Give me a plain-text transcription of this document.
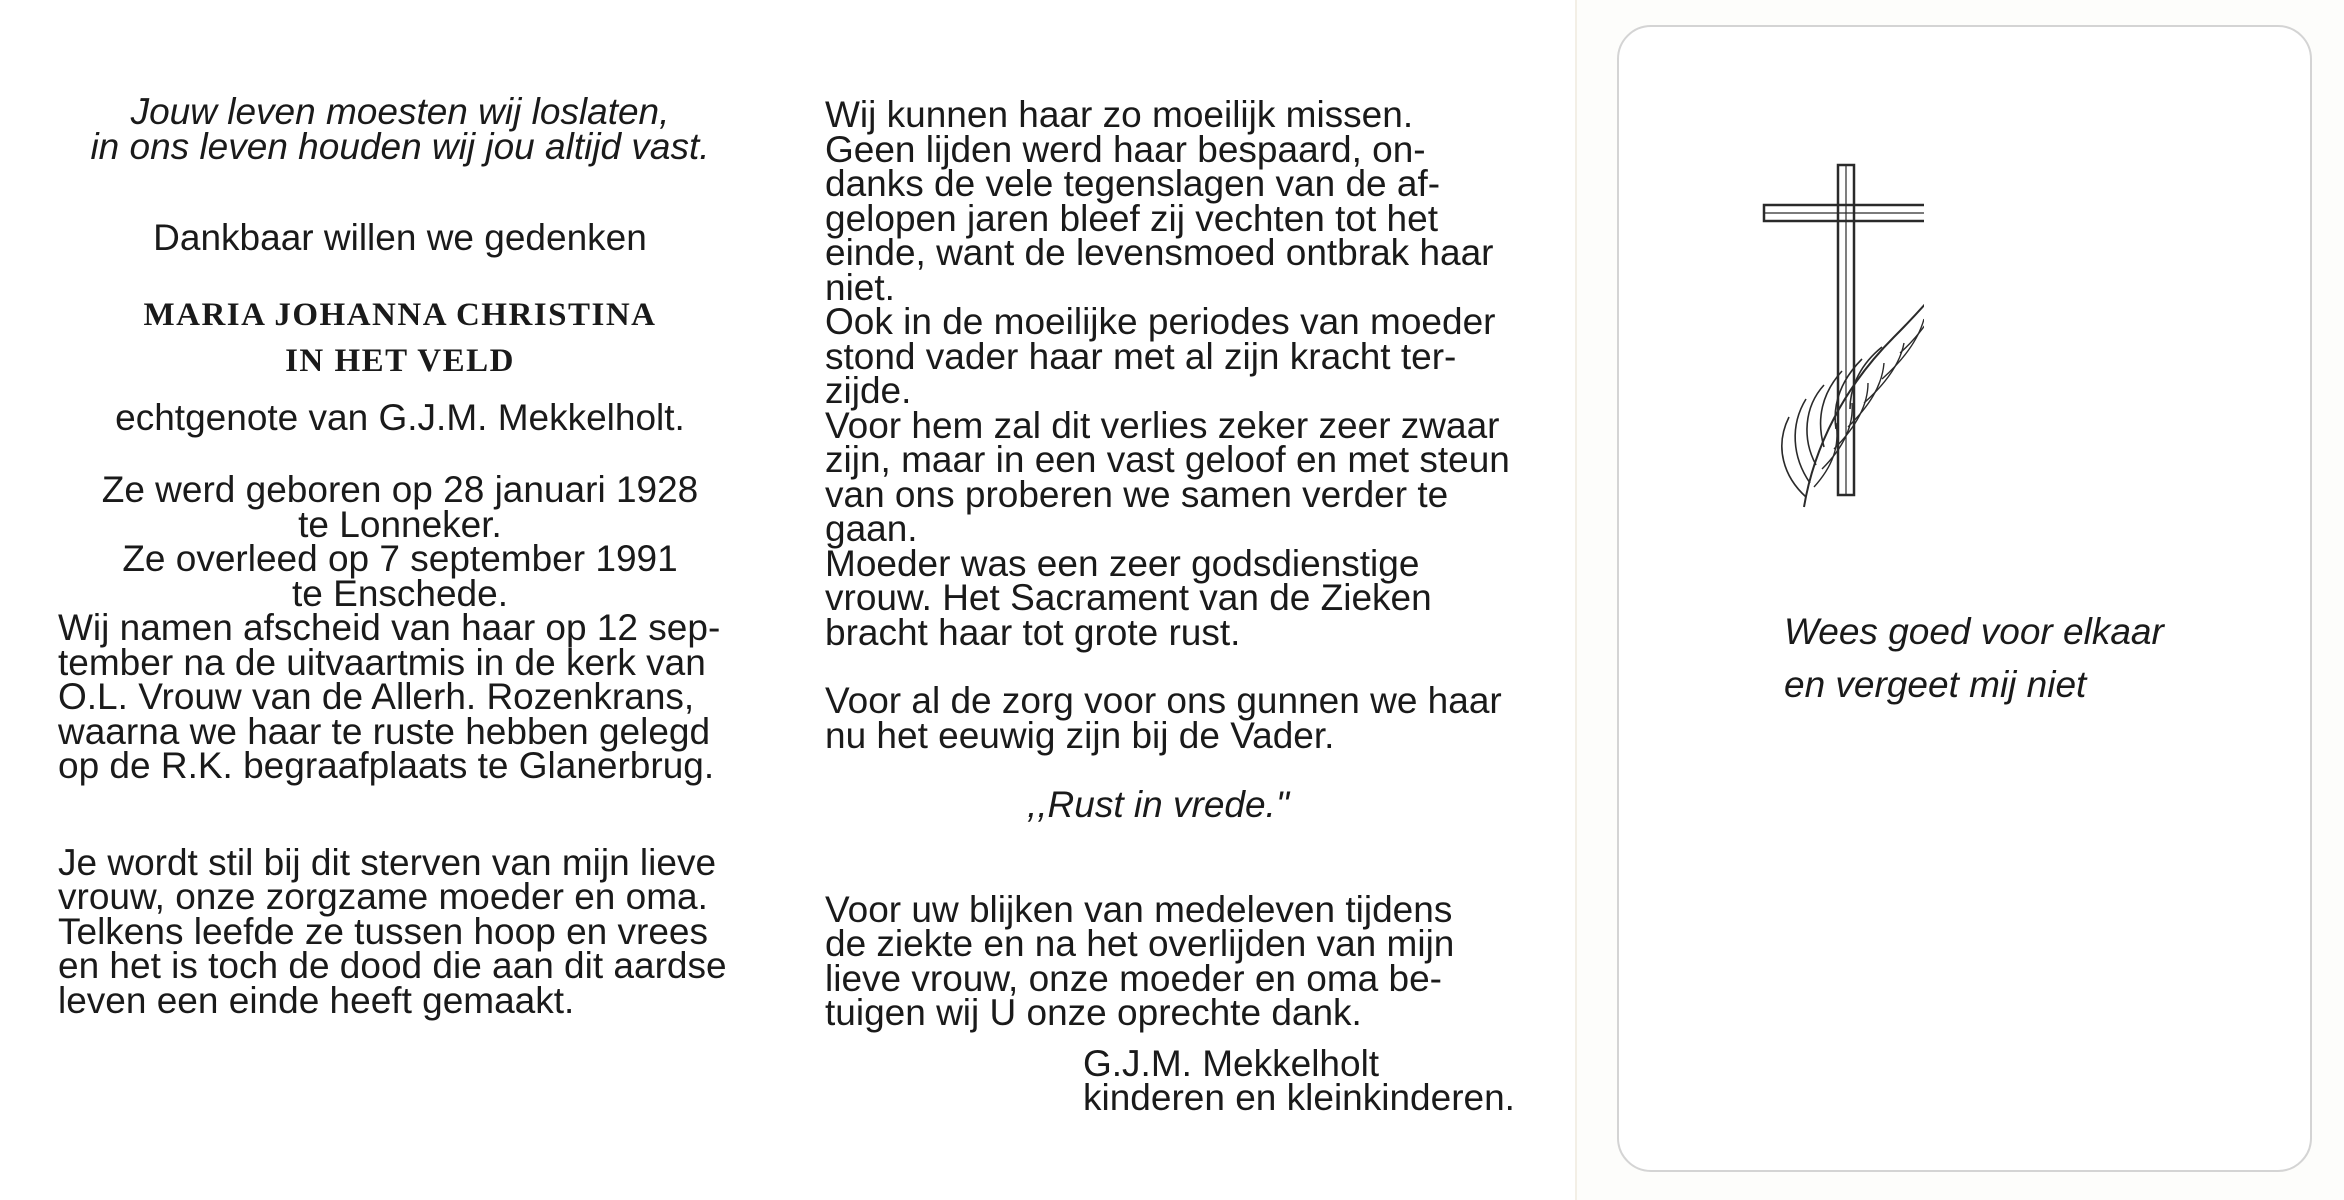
Jouw leven moesten wij loslaten,
in ons leven houden wij jou altijd vast.
Dankbaar willen we gedenken
MARIA JOHANNA CHRISTINA
IN HET VELD
echtgenote van G.J.M. Mekkelholt.
Ze werd geboren op 28 januari 1928
te Lonneker.
Ze overleed op 7 september 1991
te Enschede.
Wij namen afscheid van haar op 12 sep-
tember na de uitvaartmis in de kerk van
O.L. Vrouw van de Allerh. Rozenkrans,
waarna we haar te ruste hebben gelegd
op de R.K. begraafplaats te Glanerbrug.
Je wordt stil bij dit sterven van mijn lieve
vrouw, onze zorgzame moeder en oma.
Telkens leefde ze tussen hoop en vrees
en het is toch de dood die aan dit aardse
leven een einde heeft gemaakt.
Wij kunnen haar zo moeilijk missen.
Geen lijden werd haar bespaard, on-
danks de vele tegenslagen van de af-
gelopen jaren bleef zij vechten tot het
einde, want de levensmoed ontbrak haar
niet.
Ook in de moeilijke periodes van moeder
stond vader haar met al zijn kracht ter-
zijde.
Voor hem zal dit verlies zeker zeer zwaar
zijn, maar in een vast geloof en met steun
van ons proberen we samen verder te
gaan.
Moeder was een zeer godsdienstige
vrouw. Het Sacrament van de Zieken
bracht haar tot grote rust.
Voor al de zorg voor ons gunnen we haar
nu het eeuwig zijn bij de Vader.
,,Rust in vrede."
Voor uw blijken van medeleven tijdens
de ziekte en na het overlijden van mijn
lieve vrouw, onze moeder en oma be-
tuigen wij U onze oprechte dank.
G.J.M. Mekkelholt
kinderen en kleinkinderen.
Wees goed voor elkaar
en vergeet mij niet
